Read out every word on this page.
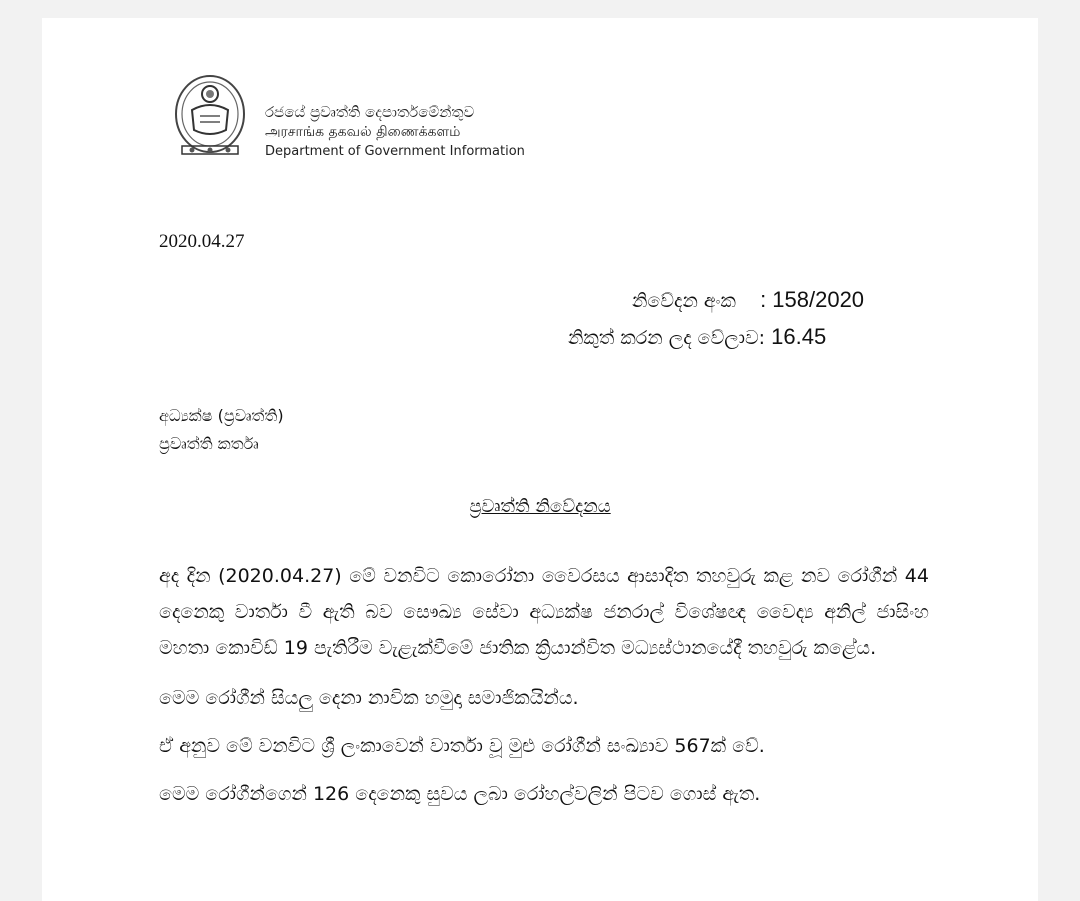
රජයේ ප්‍රවෘත්ති දෙපාර්තමේන්තුව
அரசாங்க தகவல் திணைக்களம்
Department of Government Information
2020.04.27
නිවේදන අංක : 158/2020
නිකුත් කරන ලද වේලාව: 16.45
අධ්‍යක්ෂ (ප්‍රවෘත්ති)
ප්‍රවෘත්ති කර්තෘ
ප්‍රවෘත්ති නිවේදනය
අද දින (2020.04.27) මේ වනවිට කොරෝනා වෛරසය ආසාදිත තහවුරු කළ නව රෝගීන් 44 දෙනෙකු වාර්තා වී ඇති බව සෞඛ්‍ය සේවා අධ්‍යක්ෂ ජනරාල් විශේෂඥ වෛද්‍ය අනිල් ජාසිංහ මහතා කොවිඩ් 19 පැතිරීම වැළැක්වීමේ ජාතික ක්‍රියාන්විත මධ්‍යස්ථානයේදී තහවුරු කළේය.
මෙම රෝගීන් සියලු දෙනා නාවික හමුදා සමාජිකයින්ය.
ඒ අනුව මේ වනවිට ශ්‍රී ලංකාවෙන් වාර්තා වූ මුළු රෝගීන් සංඛ්‍යාව 567ක් වේ.
මෙම රෝගීන්ගෙන් 126 දෙනෙකු සුවය ලබා රෝහල්වලින් පිටව ගොස් ඇත.
